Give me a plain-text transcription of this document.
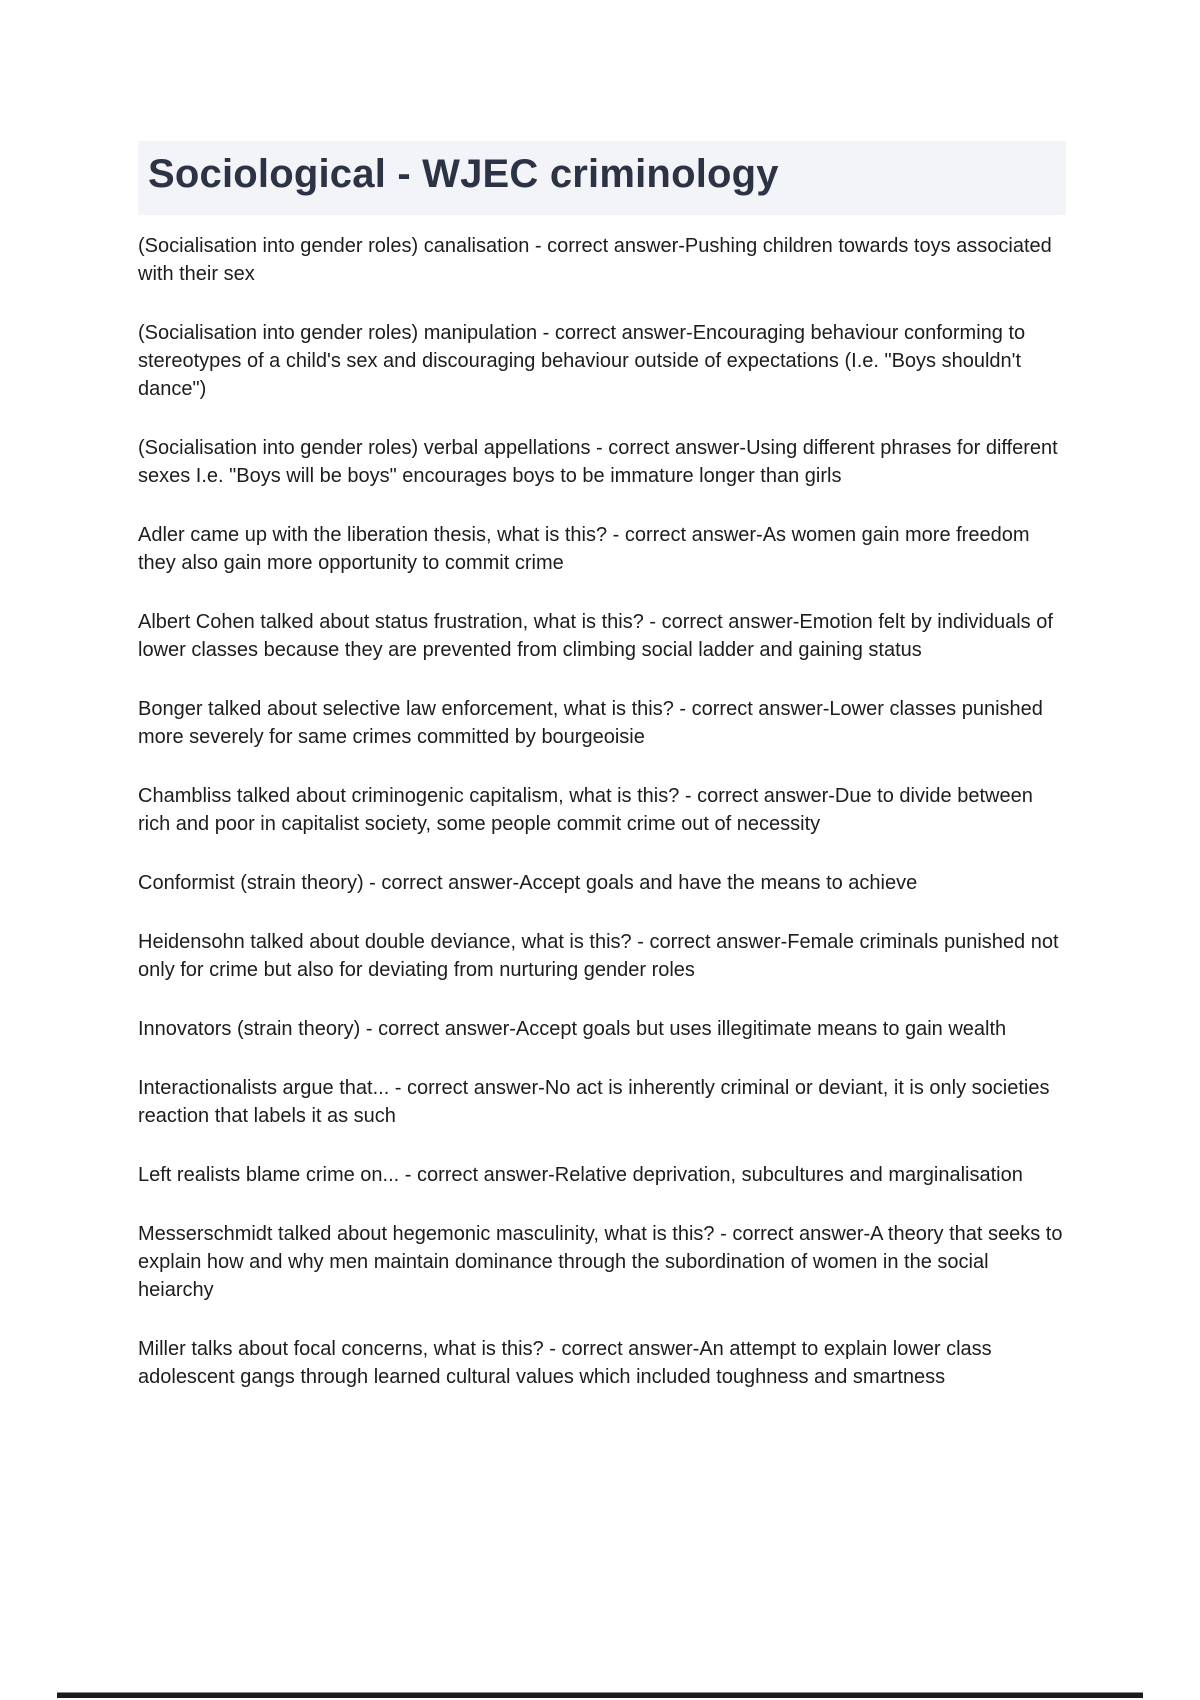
Sociological - WJEC criminology

(Socialisation into gender roles) canalisation - correct answer-Pushing children towards toys associated with their sex

(Socialisation into gender roles) manipulation - correct answer-Encouraging behaviour conforming to stereotypes of a child's sex and discouraging behaviour outside of expectations (I.e. "Boys shouldn't dance")

(Socialisation into gender roles) verbal appellations - correct answer-Using different phrases for different sexes I.e. "Boys will be boys" encourages boys to be immature longer than girls

Adler came up with the liberation thesis, what is this? - correct answer-As women gain more freedom they also gain more opportunity to commit crime

Albert Cohen talked about status frustration, what is this? - correct answer-Emotion felt by individuals of lower classes because they are prevented from climbing social ladder and gaining status

Bonger talked about selective law enforcement, what is this? - correct answer-Lower classes punished more severely for same crimes committed by bourgeoisie

Chambliss talked about criminogenic capitalism, what is this? - correct answer-Due to divide between rich and poor in capitalist society, some people commit crime out of necessity

Conformist (strain theory) - correct answer-Accept goals and have the means to achieve

Heidensohn talked about double deviance, what is this? - correct answer-Female criminals punished not only for crime but also for deviating from nurturing gender roles

Innovators (strain theory) - correct answer-Accept goals but uses illegitimate means to gain wealth

Interactionalists argue that... - correct answer-No act is inherently criminal or deviant, it is only societies reaction that labels it as such

Left realists blame crime on... - correct answer-Relative deprivation, subcultures and marginalisation

Messerschmidt talked about hegemonic masculinity, what is this? - correct answer-A theory that seeks to explain how and why men maintain dominance through the subordination of women in the social heiarchy

Miller talks about focal concerns, what is this? - correct answer-An attempt to explain lower class adolescent gangs through learned cultural values which included toughness and smartness
